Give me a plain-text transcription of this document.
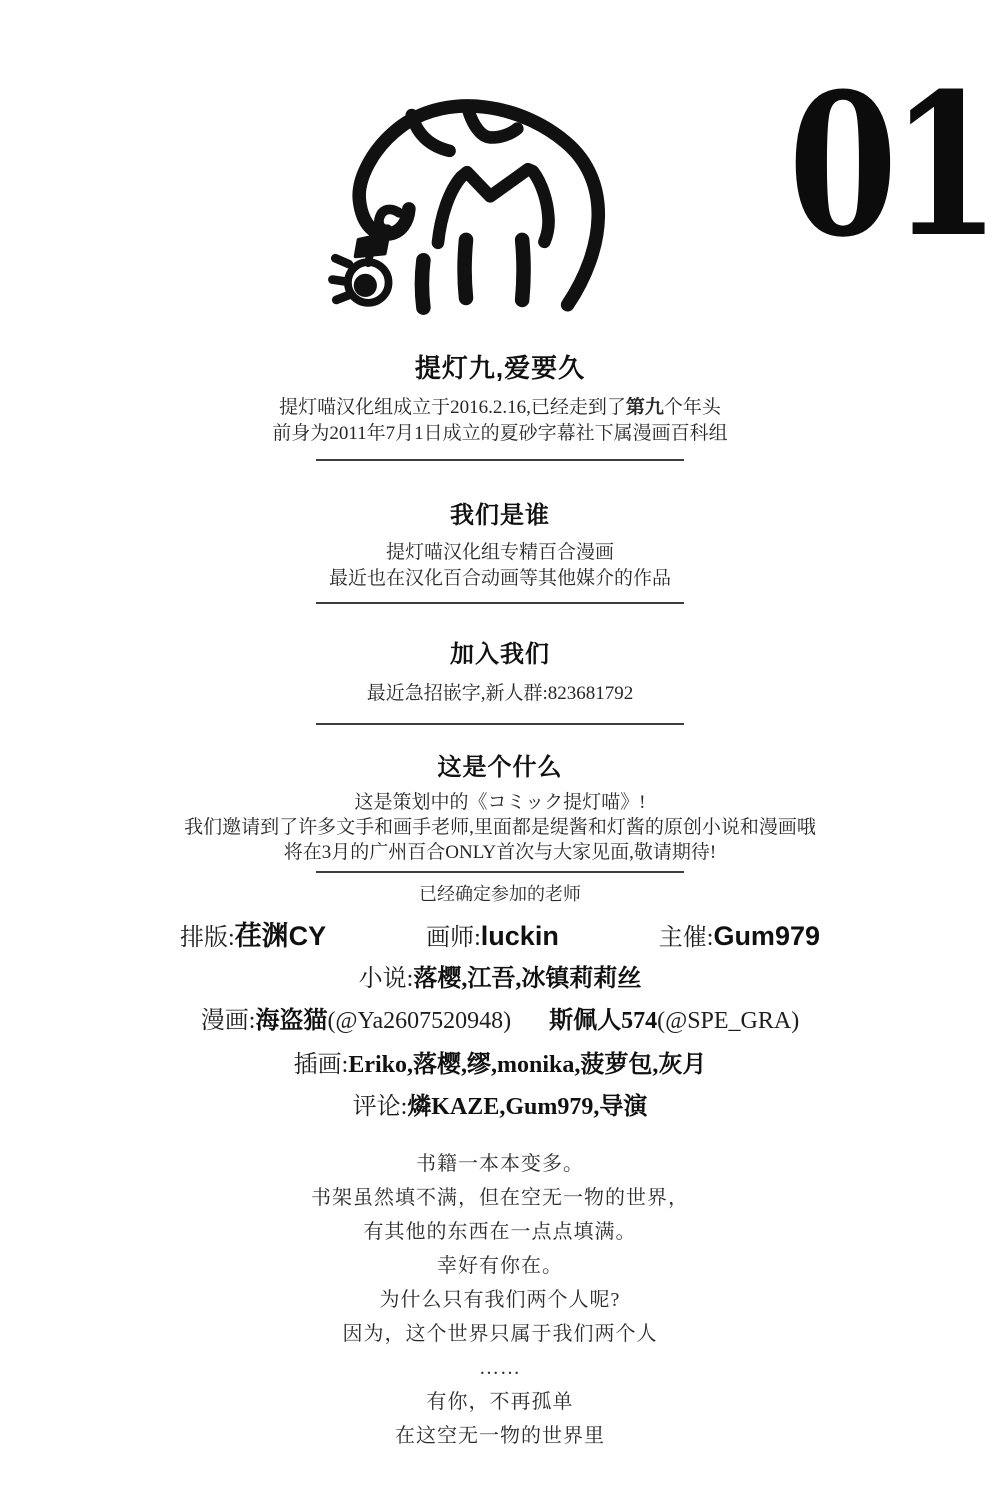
01
提灯九,爱要久
提灯喵汉化组成立于2016.2.16,已经走到了第九个年头
前身为2011年7月1日成立的夏砂字幕社下属漫画百科组
我们是谁
提灯喵汉化组专精百合漫画
最近也在汉化百合动画等其他媒介的作品
加入我们
最近急招嵌字,新人群:823681792
这是个什么
这是策划中的《コミック提灯喵》!
我们邀请到了许多文手和画手老师,里面都是缇酱和灯酱的原创小说和漫画哦
将在3月的广州百合ONLY首次与大家见面,敬请期待!
已经确定参加的老师
排版:荏渊CY	画师:luckin	主催:Gum979
小说:落樱,江吾,冰镇莉莉丝
漫画:海盗猫(@Ya2607520948) 斯佩人574(@SPE_GRA)
插画:Eriko,落樱,缪,monika,菠萝包,灰月
评论:燐KAZE,Gum979,导演
书籍一本本变多。
书架虽然填不满，但在空无一物的世界，
有其他的东西在一点点填满。
幸好有你在。
为什么只有我们两个人呢?
因为，这个世界只属于我们两个人
……
有你，不再孤单
在这空无一物的世界里
